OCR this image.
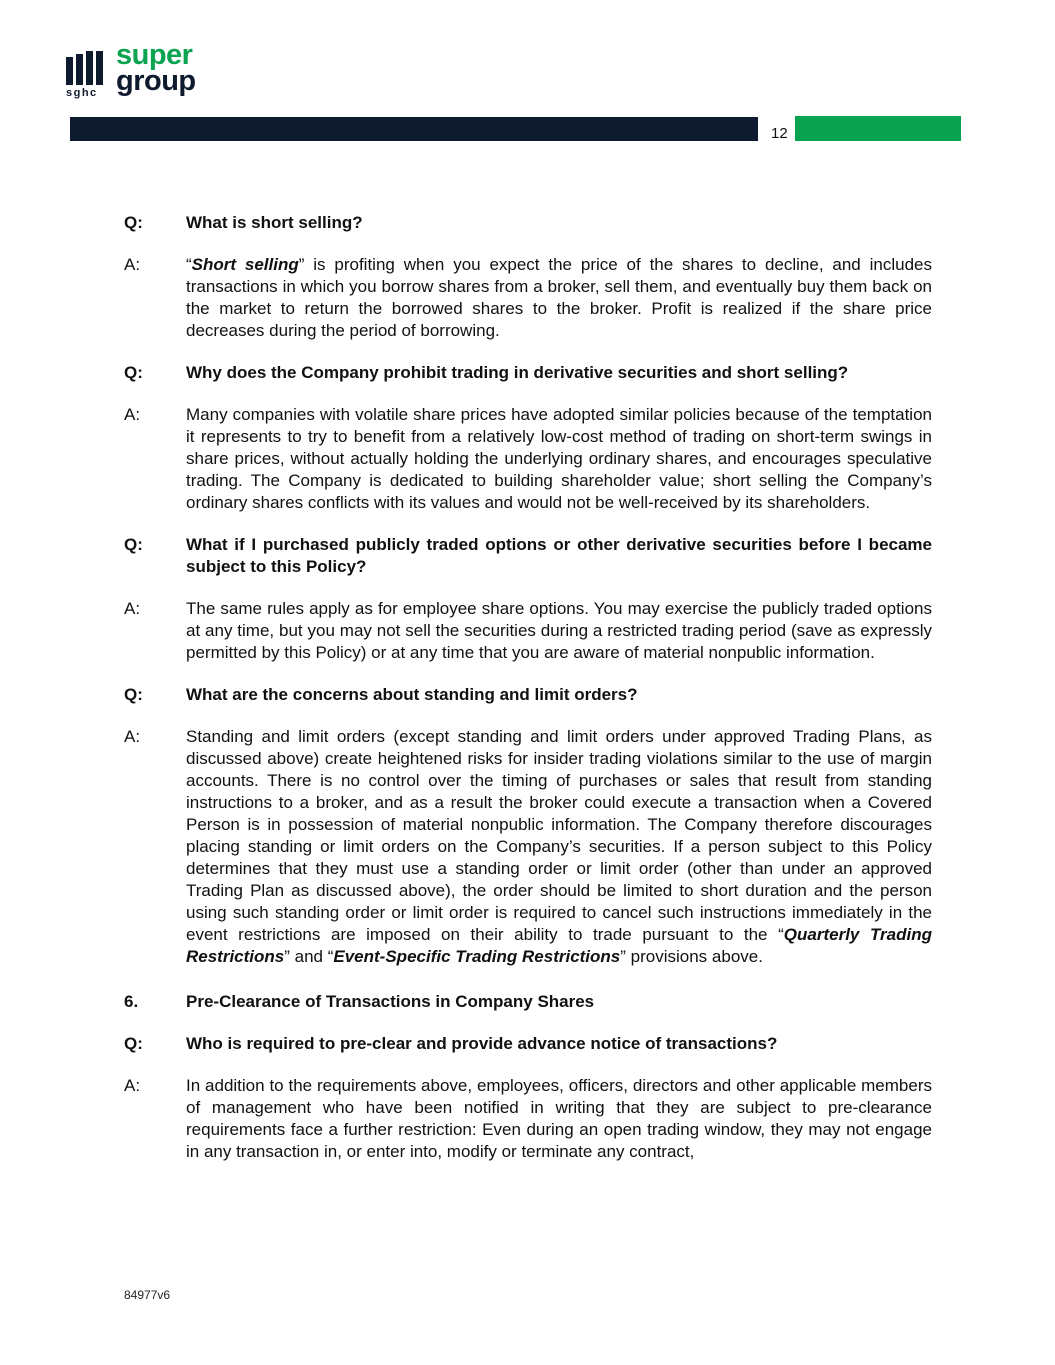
sghc
super
group
12
Q:	What is short selling?
A:	“Short selling” is profiting when you expect the price of the shares to decline, and includes transactions in which you borrow shares from a broker, sell them, and eventually buy them back on the market to return the borrowed shares to the broker. Profit is realized if the share price decreases during the period of borrowing.
Q:	Why does the Company prohibit trading in derivative securities and short selling?
A:	Many companies with volatile share prices have adopted similar policies because of the temptation it represents to try to benefit from a relatively low-cost method of trading on short-term swings in share prices, without actually holding the underlying ordinary shares, and encourages speculative trading. The Company is dedicated to building shareholder value; short selling the Company’s ordinary shares conflicts with its values and would not be well-received by its shareholders.
Q:	What if I purchased publicly traded options or other derivative securities before I became subject to this Policy?
A:	The same rules apply as for employee share options. You may exercise the publicly traded options at any time, but you may not sell the securities during a restricted trading period (save as expressly permitted by this Policy) or at any time that you are aware of material nonpublic information.
Q:	What are the concerns about standing and limit orders?
A:	Standing and limit orders (except standing and limit orders under approved Trading Plans, as discussed above) create heightened risks for insider trading violations similar to the use of margin accounts. There is no control over the timing of purchases or sales that result from standing instructions to a broker, and as a result the broker could execute a transaction when a Covered Person is in possession of material nonpublic information. The Company therefore discourages placing standing or limit orders on the Company’s securities. If a person subject to this Policy determines that they must use a standing order or limit order (other than under an approved Trading Plan as discussed above), the order should be limited to short duration and the person using such standing order or limit order is required to cancel such instructions immediately in the event restrictions are imposed on their ability to trade pursuant to the “Quarterly Trading Restrictions” and “Event-Specific Trading Restrictions” provisions above.
6.	Pre-Clearance of Transactions in Company Shares
Q:	Who is required to pre-clear and provide advance notice of transactions?
A:	In addition to the requirements above, employees, officers, directors and other applicable members of management who have been notified in writing that they are subject to pre-clearance requirements face a further restriction: Even during an open trading window, they may not engage in any transaction in, or enter into, modify or terminate any contract,
84977v6
